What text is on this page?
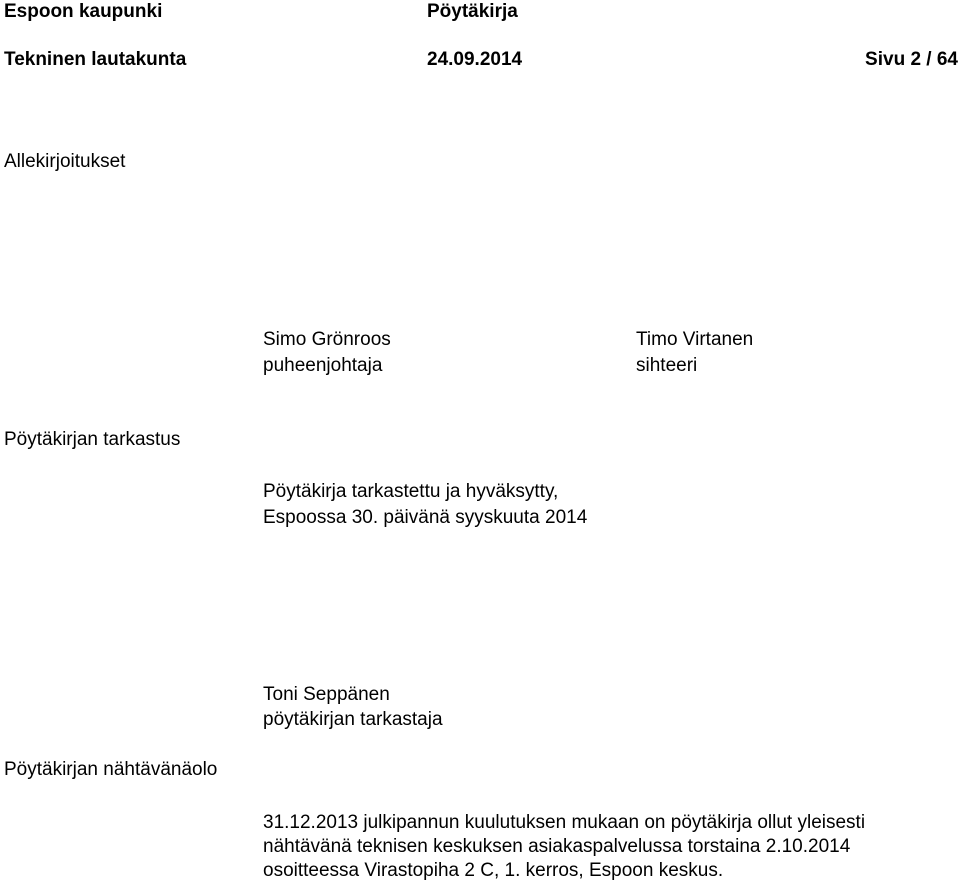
Espoon kaupunki	Pöytäkirja
Tekninen lautakunta	24.09.2014	Sivu 2 / 64
Allekirjoitukset
Simo Grönroos
puheenjohtaja
Timo Virtanen
sihteeri
Pöytäkirjan tarkastus
Pöytäkirja tarkastettu ja hyväksytty,
Espoossa 30. päivänä syyskuuta 2014
Toni Seppänen
pöytäkirjan tarkastaja
Pöytäkirjan nähtävänäolo
31.12.2013 julkipannun kuulutuksen mukaan on pöytäkirja ollut yleisesti
nähtävänä teknisen keskuksen asiakaspalvelussa torstaina 2.10.2014
osoitteessa Virastopiha 2 C, 1. kerros, Espoon keskus.
